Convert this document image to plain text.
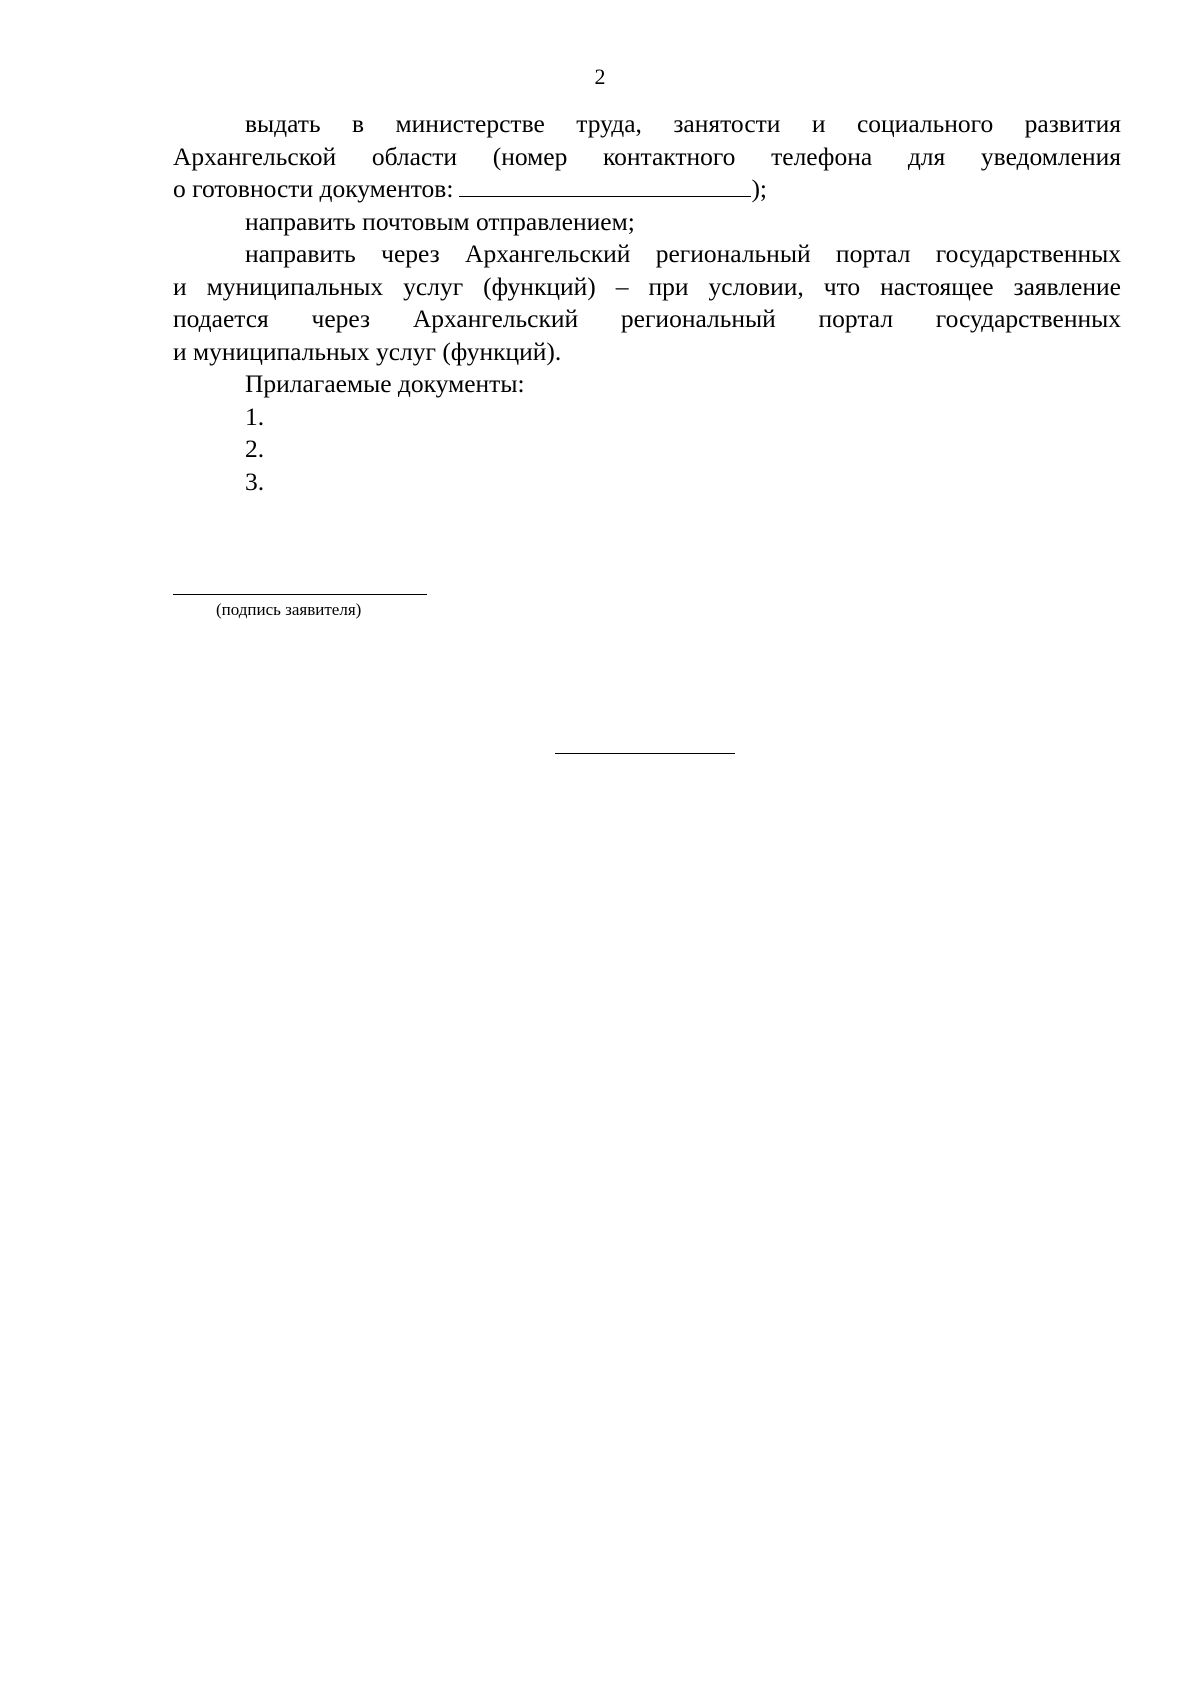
2

выдать в министерстве труда, занятости и социального развития

Архангельской области (номер контактного телефона для уведомления

о готовности документов:	);

направить почтовым отправлением;

направить через Архангельский региональный портал государственных

и муниципальных услуг (функций) – при условии, что настоящее заявление

подается через Архангельский региональный портал государственных

и муниципальных услуг (функций).

Прилагаемые документы:

1.

2.

3.

(подпись заявителя)
